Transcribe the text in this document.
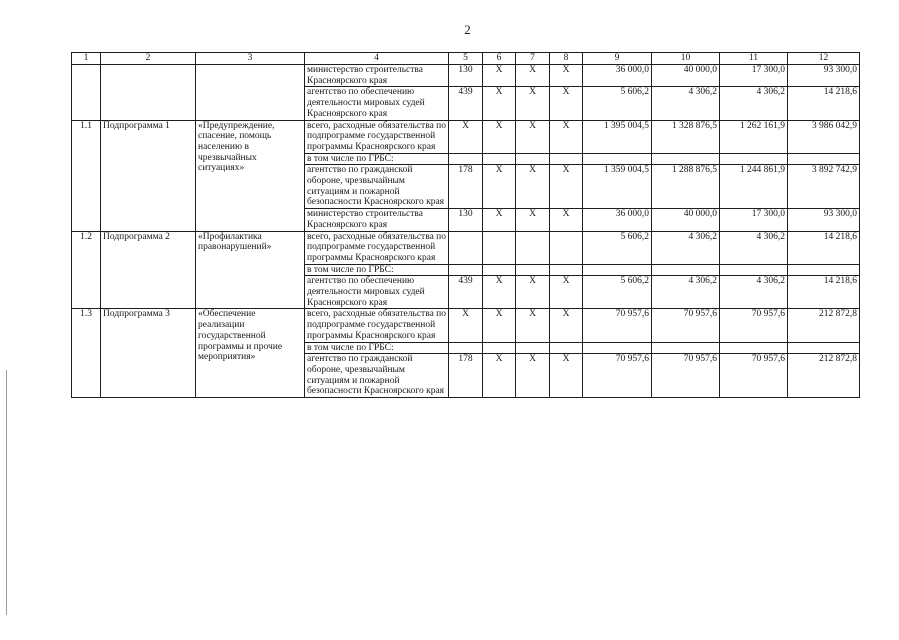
2
1	2	3	4	5	6	7	8	9	10	11	12
			министерство строительства Красноярского края	130	X	X	X	36 000,0	40 000,0	17 300,0	93 300,0
			агентство по обеспечению деятельности мировых судей Красноярского края	439	X	X	X	5 606,2	4 306,2	4 306,2	14 218,6
1.1	Подпрограмма 1	«Предупреждение, спасение, помощь населению в чрезвычайных ситуациях»	всего, расходные обязательства по подпрограмме государственной программы Красноярского края	X	X	X	X	1 395 004,5	1 328 876,5	1 262 161,9	3 986 042,9
			в том числе по ГРБС:								
			агентство по гражданской обороне, чрезвычайным ситуациям и пожарной безопасности Красноярского края	178	X	X	X	1 359 004,5	1 288 876,5	1 244 861,9	3 892 742,9
			министерство строительства Красноярского края	130	X	X	X	36 000,0	40 000,0	17 300,0	93 300,0
1.2	Подпрограмма 2	«Профилактика правонарушений»	всего, расходные обязательства по подпрограмме государственной программы Красноярского края					5 606,2	4 306,2	4 306,2	14 218,6
			в том числе по ГРБС:								
			агентство по обеспечению деятельности мировых судей Красноярского края	439	X	X	X	5 606,2	4 306,2	4 306,2	14 218,6
1.3	Подпрограмма 3	«Обеспечение реализации государственной программы и прочие мероприятия»	всего, расходные обязательства по подпрограмме государственной программы Красноярского края	X	X	X	X	70 957,6	70 957,6	70 957,6	212 872,8
			в том числе по ГРБС:								
			агентство по гражданской обороне, чрезвычайным ситуациям и пожарной безопасности Красноярского края	178	X	X	X	70 957,6	70 957,6	70 957,6	212 872,8
